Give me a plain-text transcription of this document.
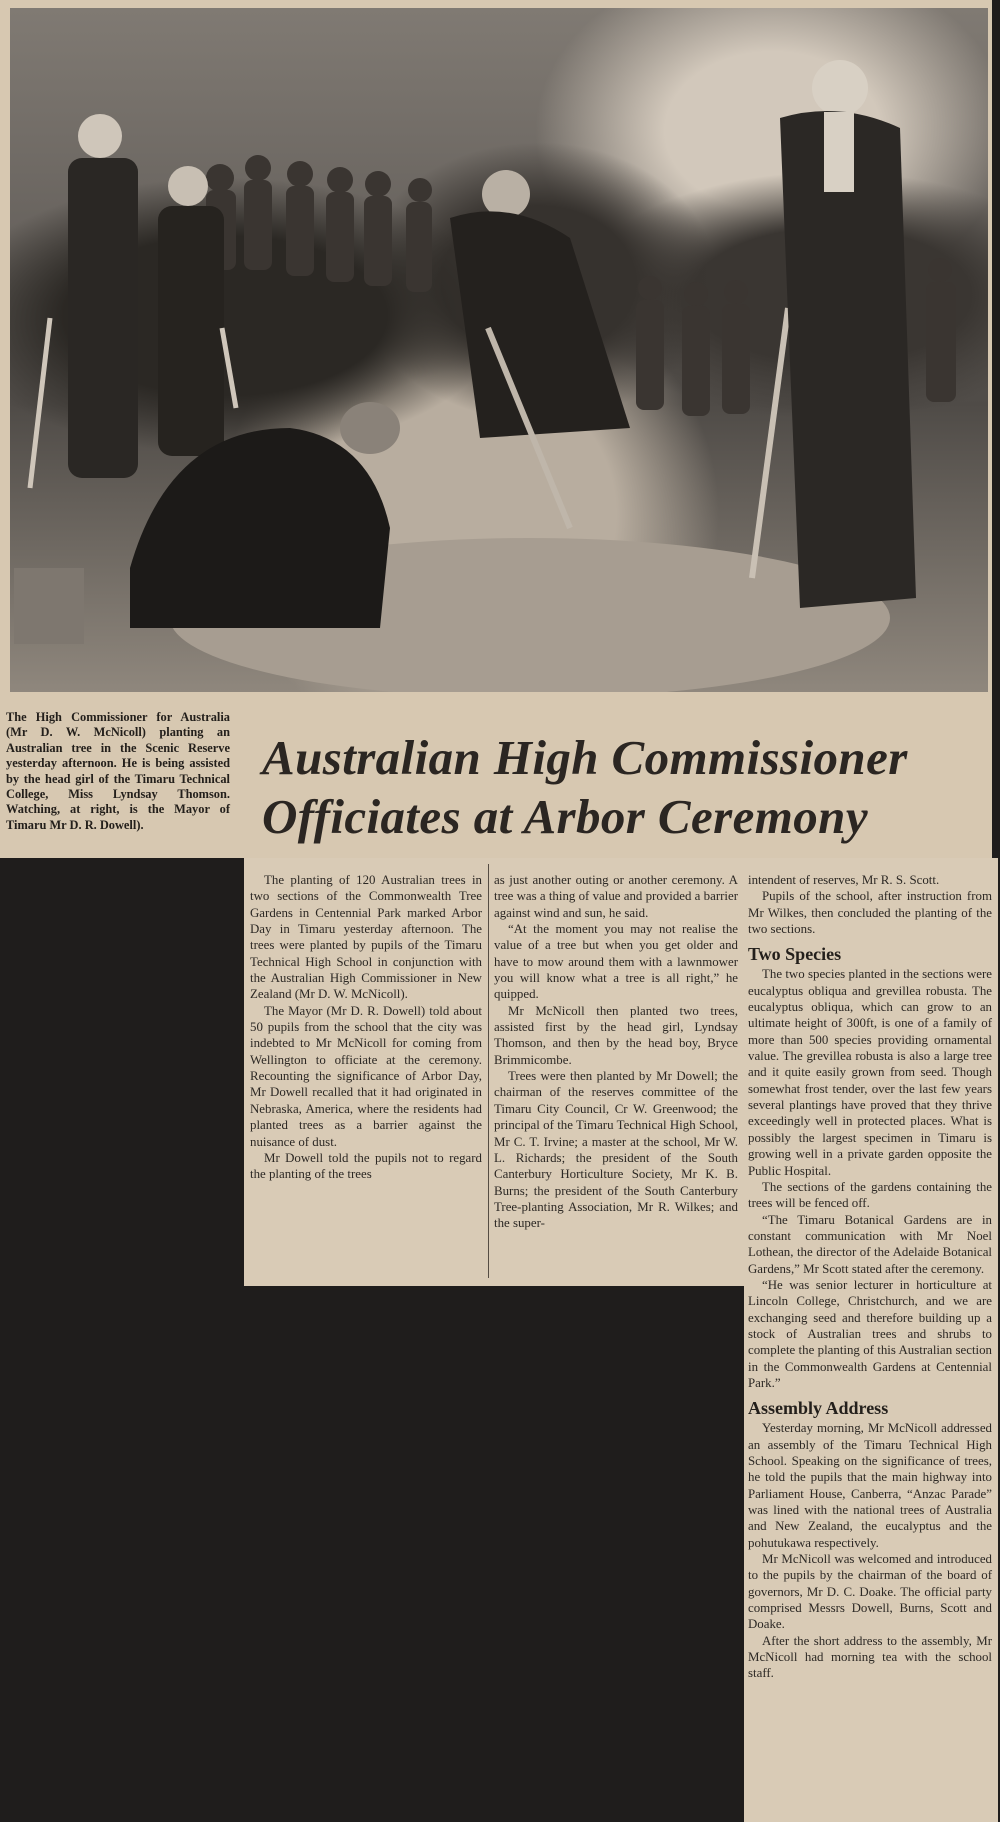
The High Commissioner for Australia (Mr D. W. McNicoll) planting an Australian tree in the Scenic Reserve yesterday afternoon. He is being assisted by the head girl of the Timaru Technical College, Miss Lyndsay Thomson. Watching, at right, is the Mayor of Timaru Mr D. R. Dowell).
Australian High Commissioner
Officiates at Arbor Ceremony

The planting of 120 Australian trees in two sections of the Commonwealth Tree Gardens in Centennial Park marked Arbor Day in Timaru yesterday afternoon. The trees were planted by pupils of the Timaru Technical High School in conjunction with the Australian High Commissioner in New Zealand (Mr D. W. McNicoll).

The Mayor (Mr D. R. Dowell) told about 50 pupils from the school that the city was indebted to Mr McNicoll for coming from Wellington to officiate at the ceremony. Recounting the significance of Arbor Day, Mr Dowell recalled that it had originated in Nebraska, America, where the residents had planted trees as a barrier against the nuisance of dust.

Mr Dowell told the pupils not to regard the planting of the trees

as just another outing or another ceremony. A tree was a thing of value and provided a barrier against wind and sun, he said.

“At the moment you may not realise the value of a tree but when you get older and have to mow around them with a lawnmower you will know what a tree is all right,” he quipped.

Mr McNicoll then planted two trees, assisted first by the head girl, Lyndsay Thomson, and then by the head boy, Bryce Brimmicombe.

Trees were then planted by Mr Dowell; the chairman of the reserves committee of the Timaru City Council, Cr W. Greenwood; the principal of the Timaru Technical High School, Mr C. T. Irvine; a master at the school, Mr W. L. Richards; the president of the South Canterbury Horticulture Society, Mr K. B. Burns; the president of the South Canterbury Tree-planting Association, Mr R. Wilkes; and the super-

intendent of reserves, Mr R. S. Scott.

Pupils of the school, after instruction from Mr Wilkes, then concluded the planting of the two sections.

Two Species

The two species planted in the sections were eucalyptus obliqua and grevillea robusta. The eucalyptus obliqua, which can grow to an ultimate height of 300ft, is one of a family of more than 500 species providing ornamental value. The grevillea robusta is also a large tree and it quite easily grown from seed. Though somewhat frost tender, over the last few years several plantings have proved that they thrive exceedingly well in protected places. What is possibly the largest specimen in Timaru is growing well in a private garden opposite the Public Hospital.

The sections of the gardens containing the trees will be fenced off.

“The Timaru Botanical Gardens are in constant communication with Mr Noel Lothean, the director of the Adelaide Botanical Gardens,” Mr Scott stated after the ceremony.

“He was senior lecturer in horticulture at Lincoln College, Christchurch, and we are exchanging seed and therefore building up a stock of Australian trees and shrubs to complete the planting of this Australian section in the Commonwealth Gardens at Centennial Park.”

Assembly Address

Yesterday morning, Mr McNicoll addressed an assembly of the Timaru Technical High School. Speaking on the significance of trees, he told the pupils that the main highway into Parliament House, Canberra, “Anzac Parade” was lined with the national trees of Australia and New Zealand, the eucalyptus and the pohutukawa respectively.

Mr McNicoll was welcomed and introduced to the pupils by the chairman of the board of governors, Mr D. C. Doake. The official party comprised Messrs Dowell, Burns, Scott and Doake.

After the short address to the assembly, Mr McNicoll had morning tea with the school staff.
